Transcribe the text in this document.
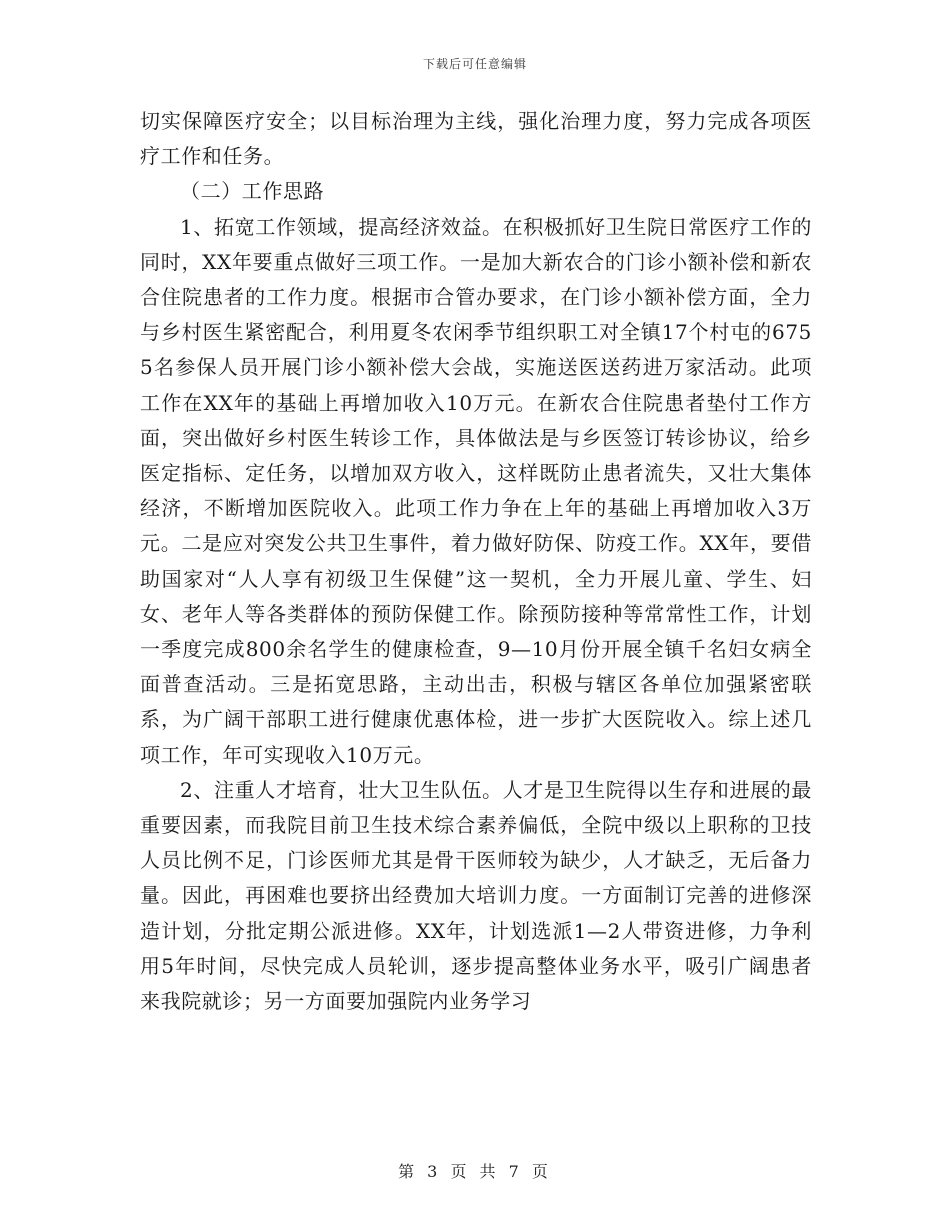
下载后可任意编辑

切实保障医疗安全；以目标治理为主线，强化治理力度，努力完成各项医疗工作和任务。

（二）工作思路

1、拓宽工作领域，提高经济效益。在积极抓好卫生院日常医疗工作的同时，XX年要重点做好三项工作。一是加大新农合的门诊小额补偿和新农合住院患者的工作力度。根据市合管办要求，在门诊小额补偿方面，全力与乡村医生紧密配合，利用夏冬农闲季节组织职工对全镇17个村屯的6755名参保人员开展门诊小额补偿大会战，实施送医送药进万家活动。此项工作在XX年的基础上再增加收入10万元。在新农合住院患者垫付工作方面，突出做好乡村医生转诊工作，具体做法是与乡医签订转诊协议，给乡医定指标、定任务，以增加双方收入，这样既防止患者流失，又壮大集体经济，不断增加医院收入。此项工作力争在上年的基础上再增加收入3万元。二是应对突发公共卫生事件，着力做好防保、防疫工作。XX年，要借助国家对“人人享有初级卫生保健”这一契机，全力开展儿童、学生、妇女、老年人等各类群体的预防保健工作。除预防接种等常常性工作，计划一季度完成800余名学生的健康检查，9—10月份开展全镇千名妇女病全面普查活动。三是拓宽思路，主动出击，积极与辖区各单位加强紧密联系，为广阔干部职工进行健康优惠体检，进一步扩大医院收入。综上述几项工作，年可实现收入10万元。

2、注重人才培育，壮大卫生队伍。人才是卫生院得以生存和进展的最重要因素，而我院目前卫生技术综合素养偏低，全院中级以上职称的卫技人员比例不足，门诊医师尤其是骨干医师较为缺少，人才缺乏，无后备力量。因此，再困难也要挤出经费加大培训力度。一方面制订完善的进修深造计划，分批定期公派进修。XX年，计划选派1—2人带资进修，力争利用5年时间，尽快完成人员轮训，逐步提高整体业务水平，吸引广阔患者来我院就诊；另一方面要加强院内业务学习

第 3 页 共 7 页
